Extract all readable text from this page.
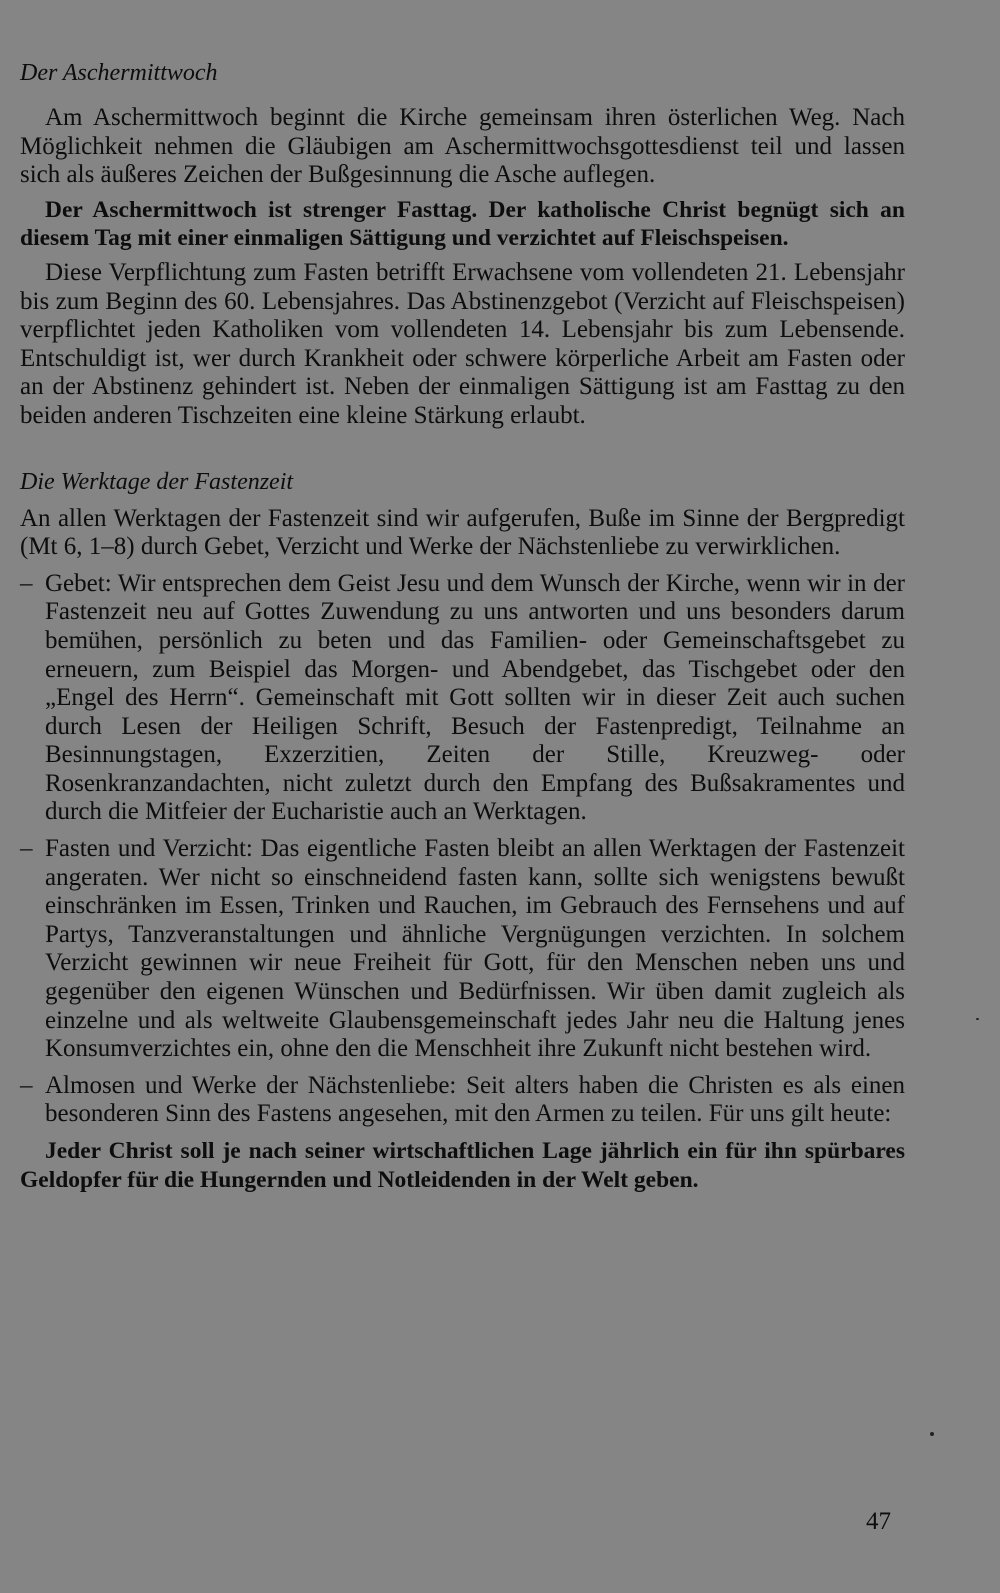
Der Aschermittwoch

Am Aschermittwoch beginnt die Kirche gemeinsam ihren österlichen Weg. Nach Möglichkeit nehmen die Gläubigen am Aschermittwochsgottesdienst teil und lassen sich als äußeres Zeichen der Bußgesinnung die Asche auflegen.

Der Aschermittwoch ist strenger Fasttag. Der katholische Christ begnügt sich an diesem Tag mit einer einmaligen Sättigung und verzichtet auf Fleischspeisen.

Diese Verpflichtung zum Fasten betrifft Erwachsene vom vollendeten 21. Lebensjahr bis zum Beginn des 60. Lebensjahres. Das Abstinenzgebot (Verzicht auf Fleischspeisen) verpflichtet jeden Katholiken vom vollendeten 14. Lebensjahr bis zum Lebensende. Entschuldigt ist, wer durch Krankheit oder schwere körperliche Arbeit am Fasten oder an der Abstinenz gehindert ist. Neben der einmaligen Sättigung ist am Fasttag zu den beiden anderen Tischzeiten eine kleine Stärkung erlaubt.

Die Werktage der Fastenzeit

An allen Werktagen der Fastenzeit sind wir aufgerufen, Buße im Sinne der Bergpredigt (Mt 6, 1–8) durch Gebet, Verzicht und Werke der Nächstenliebe zu verwirklichen.

– Gebet: Wir entsprechen dem Geist Jesu und dem Wunsch der Kirche, wenn wir in der Fastenzeit neu auf Gottes Zuwendung zu uns antworten und uns besonders darum bemühen, persönlich zu beten und das Familien- oder Gemeinschaftsgebet zu erneuern, zum Beispiel das Morgen- und Abendgebet, das Tischgebet oder den „Engel des Herrn“. Gemeinschaft mit Gott sollten wir in dieser Zeit auch suchen durch Lesen der Heiligen Schrift, Besuch der Fastenpredigt, Teilnahme an Besinnungstagen, Exzerzitien, Zeiten der Stille, Kreuzweg- oder Rosenkranzandachten, nicht zuletzt durch den Empfang des Bußsakramentes und durch die Mitfeier der Eucharistie auch an Werktagen.
– Fasten und Verzicht: Das eigentliche Fasten bleibt an allen Werktagen der Fastenzeit angeraten. Wer nicht so einschneidend fasten kann, sollte sich wenigstens bewußt einschränken im Essen, Trinken und Rauchen, im Gebrauch des Fernsehens und auf Partys, Tanzveranstaltungen und ähnliche Vergnügungen verzichten. In solchem Verzicht gewinnen wir neue Freiheit für Gott, für den Menschen neben uns und gegenüber den eigenen Wünschen und Bedürfnissen. Wir üben damit zugleich als einzelne und als weltweite Glaubensgemeinschaft jedes Jahr neu die Haltung jenes Konsumverzichtes ein, ohne den die Menschheit ihre Zukunft nicht bestehen wird.
– Almosen und Werke der Nächstenliebe: Seit alters haben die Christen es als einen besonderen Sinn des Fastens angesehen, mit den Armen zu teilen. Für uns gilt heute:

Jeder Christ soll je nach seiner wirtschaftlichen Lage jährlich ein für ihn spürbares Geldopfer für die Hungernden und Notleidenden in der Welt geben.

47
